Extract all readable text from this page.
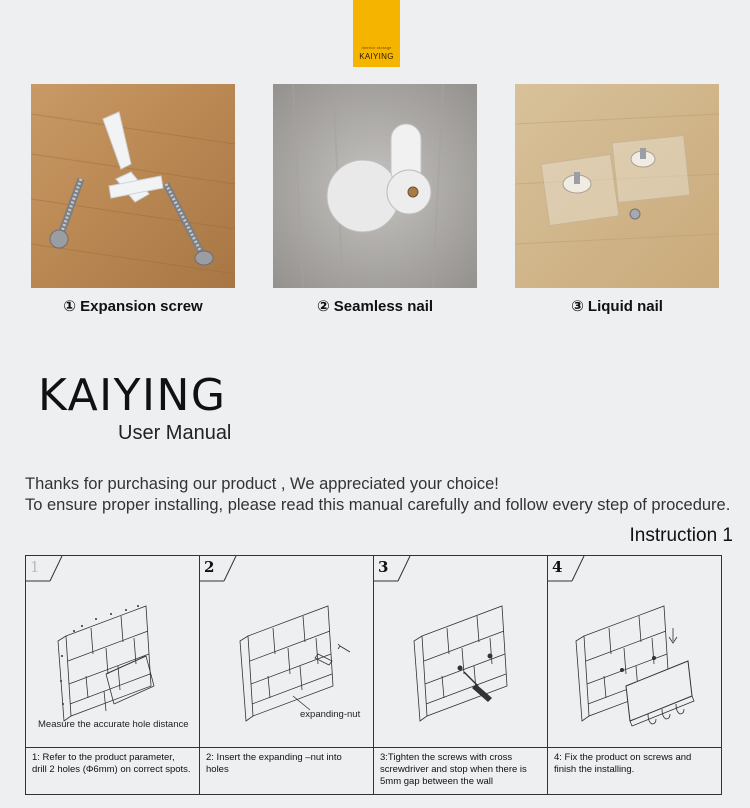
Interior storage
KAIYING
① Expansion screw	② Seamless nail	③ Liquid nail
KAIYING
User Manual
Thanks for purchasing our product , We appreciated your choice!
To ensure proper installing, please read this manual carefully and follow every step of procedure.
Instruction 1
1
Measure the accurate hole distance
1: Refer to the product parameter,
drill 2 holes (Φ6mm) on correct spots.
2
expanding-nut
2: Insert the expanding –nut into holes
3
3:Tighten the screws with cross
screwdriver and stop when there is
5mm gap between the wall
4
4: Fix the product on screws and
finish the installing.
